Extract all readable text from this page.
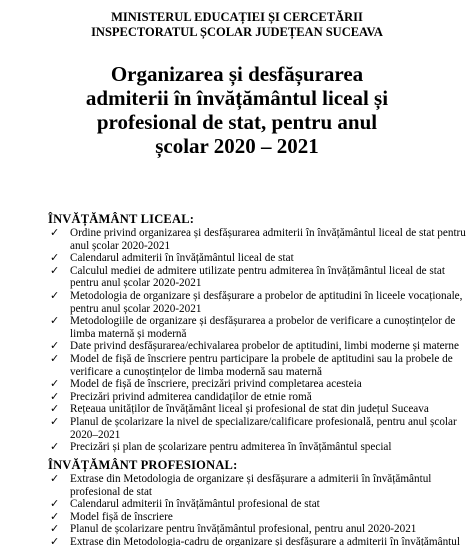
MINISTERUL EDUCAȚIEI ȘI CERCETĂRII

INSPECTORATUL ȘCOLAR JUDEȚEAN SUCEAVA

Organizarea și desfășurarea
admiterii în învățământul liceal și
profesional de stat, pentru anul
școlar 2020 – 2021

ÎNVĂȚĂMÂNT LICEAL:

✓ Ordine privind organizarea și desfășurarea admiterii în învățământul liceal de stat pentru anul școlar 2020-2021
✓ Calendarul admiterii în învățământul liceal de stat
✓ Calculul mediei de admitere utilizate pentru admiterea în învățământul liceal de stat pentru anul școlar 2020-2021
✓ Metodologia de organizare și desfășurare a probelor de aptitudini în liceele vocaționale, pentru anul școlar 2020-2021
✓ Metodologiile de organizare și desfășurarea a probelor de verificare a cunoștințelor de limba maternă și modernă
✓ Date privind desfășurarea/echivalarea probelor de aptitudini, limbi moderne și materne
✓ Model de fișă de înscriere pentru participare la probele de aptitudini sau la probele de verificare a cunoștințelor de limba modernă sau maternă
✓ Model de fișă de înscriere, precizări privind completarea acesteia
✓ Precizări privind admiterea candidaților de etnie romă
✓ Rețeaua unităților de învățământ liceal și profesional de stat din județul Suceava
✓ Planul de școlarizare la nivel de specializare/calificare profesională, pentru anul școlar 2020–2021
✓ Precizări și plan de școlarizare pentru admiterea în învățământul special

ÎNVĂȚĂMÂNT PROFESIONAL:

✓ Extrase din Metodologia de organizare și desfășurare a admiterii în învățământul profesional de stat
✓ Calendarul admiterii în învățământul profesional de stat
✓ Model fișă de înscriere
✓ Planul de școlarizare pentru învățământul profesional, pentru anul 2020-2021
✓ Extrase din Metodologia-cadru de organizare și desfășurare a admiterii în învățământul
